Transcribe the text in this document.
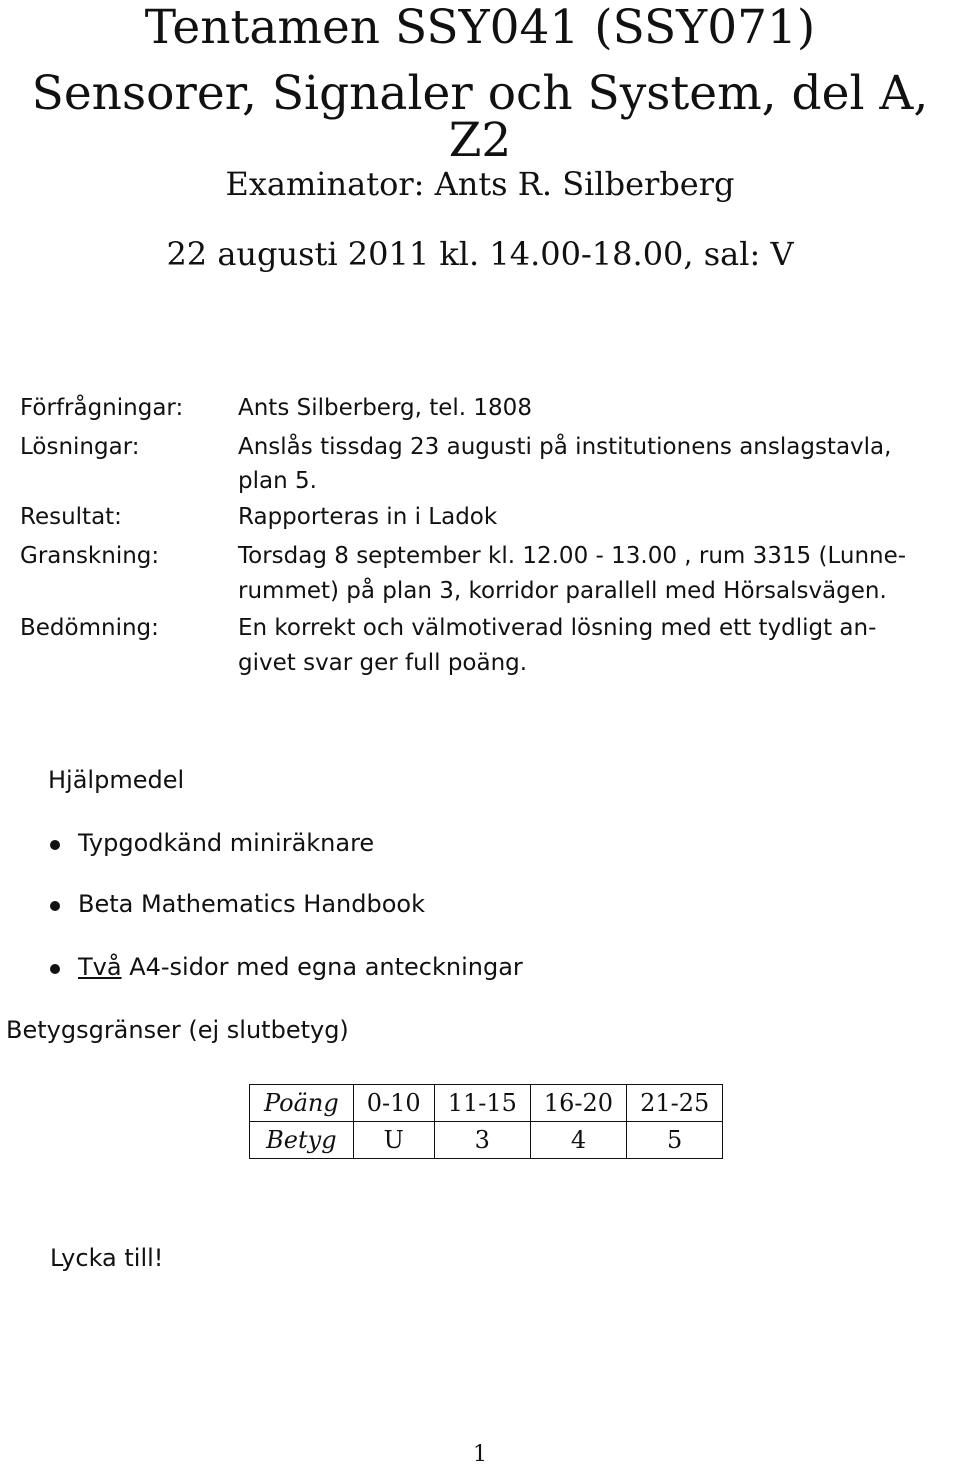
Tentamen SSY041 (SSY071)
Sensorer, Signaler och System, del A, Z2
Examinator: Ants R. Silberberg
22 augusti 2011 kl. 14.00-18.00, sal: V
Förfrågningar: Ants Silberberg, tel. 1808
Lösningar:	Anslås tissdag 23 augusti på institutionens anslagstavla,
plan 5.
Resultat:	Rapporteras in i Ladok
Granskning:	Torsdag 8 september kl. 12.00 - 13.00 , rum 3315 (Lunne-
rummet) på plan 3, korridor parallell med Hörsalsvägen.
Bedömning:	En korrekt och välmotiverad lösning med ett tydligt an-
givet svar ger full poäng.
Hjälpmedel
Typgodkänd miniräknare
Beta Mathematics Handbook
Två A4-sidor med egna anteckningar
Betygsgränser (ej slutbetyg)
Poäng	0-10	11-15	16-20	21-25
Betyg	U	3	4	5
Lycka till!
1
